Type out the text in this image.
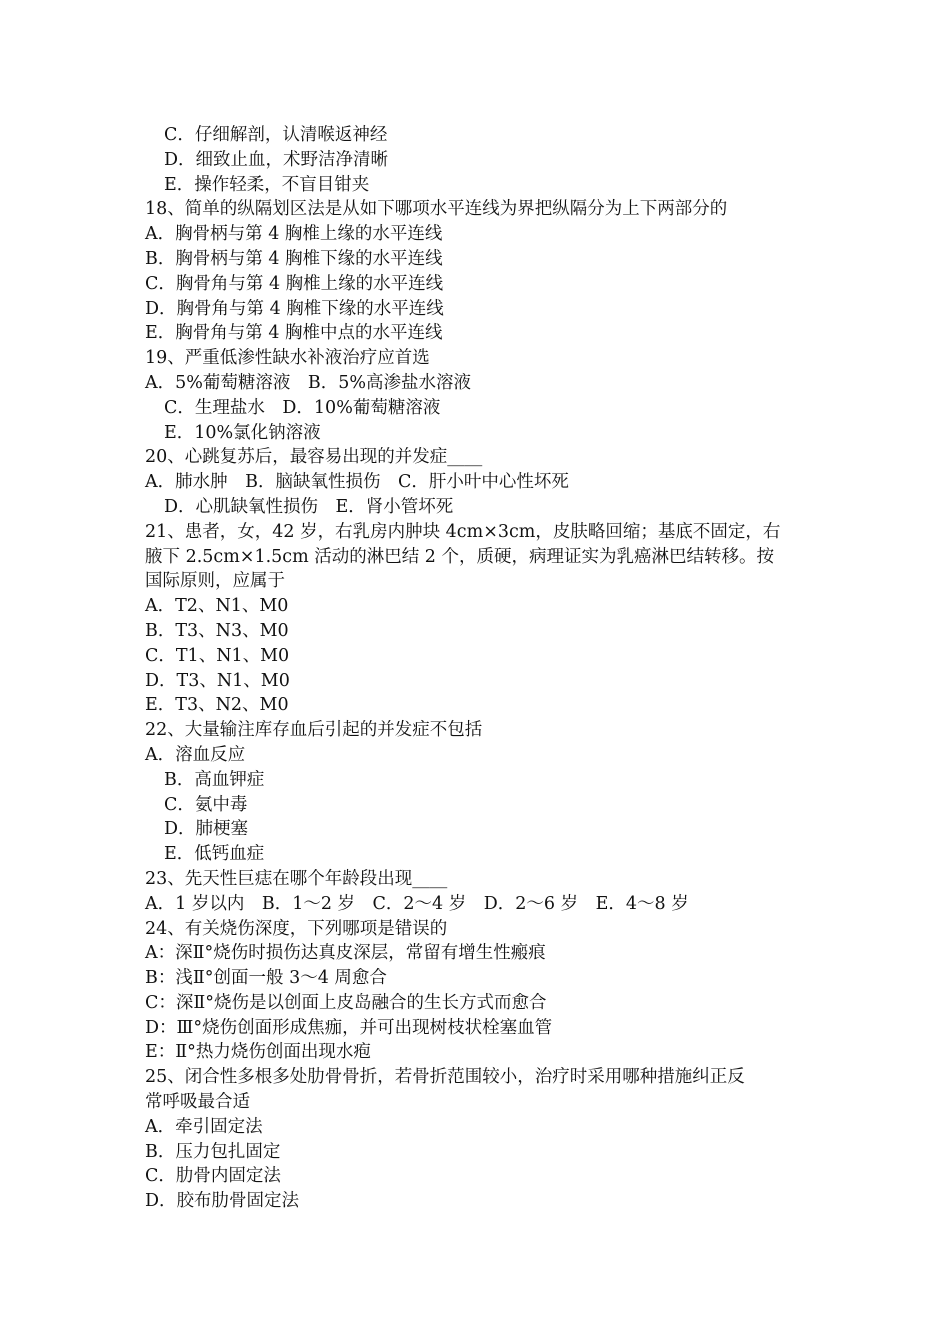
C．仔细解剖，认清喉返神经
D．细致止血，术野洁净清晰
E．操作轻柔，不盲目钳夹
18、简单的纵隔划区法是从如下哪项水平连线为界把纵隔分为上下两部分的
A．胸骨柄与第 4 胸椎上缘的水平连线
B．胸骨柄与第 4 胸椎下缘的水平连线
C．胸骨角与第 4 胸椎上缘的水平连线
D．胸骨角与第 4 胸椎下缘的水平连线
E．胸骨角与第 4 胸椎中点的水平连线
19、严重低渗性缺水补液治疗应首选
A．5%葡萄糖溶液　B．5%高渗盐水溶液
C．生理盐水　D．10%葡萄糖溶液
E．10%氯化钠溶液
20、心跳复苏后，最容易出现的并发症____
A．肺水肿　B．脑缺氧性损伤　C．肝小叶中心性坏死
D．心肌缺氧性损伤　E．肾小管坏死
21、患者，女，42 岁，右乳房内肿块 4cm×3cm，皮肤略回缩；基底不固定，右
腋下 2.5cm×1.5cm 活动的淋巴结 2 个，质硬，病理证实为乳癌淋巴结转移。按
国际原则，应属于
A．T2、N1、M0
B．T3、N3、M0
C．T1、N1、M0
D．T3、N1、M0
E．T3、N2、M0
22、大量输注库存血后引起的并发症不包括
A．溶血反应
B．高血钾症
C．氨中毒
D．肺梗塞
E．低钙血症
23、先天性巨痣在哪个年龄段出现____
A．1 岁以内　B．1～2 岁　C．2～4 岁　D．2～6 岁　E．4～8 岁
24、有关烧伤深度，下列哪项是错误的
A：深Ⅱ°烧伤时损伤达真皮深层，常留有增生性瘢痕
B：浅Ⅱ°创面一般 3～4 周愈合
C：深Ⅱ°烧伤是以创面上皮岛融合的生长方式而愈合
D：Ⅲ°烧伤创面形成焦痂，并可出现树枝状栓塞血管
E：Ⅱ°热力烧伤创面出现水疱
25、闭合性多根多处肋骨骨折，若骨折范围较小，治疗时采用哪种措施纠正反
常呼吸最合适
A．牵引固定法
B．压力包扎固定
C．肋骨内固定法
D．胶布肋骨固定法
